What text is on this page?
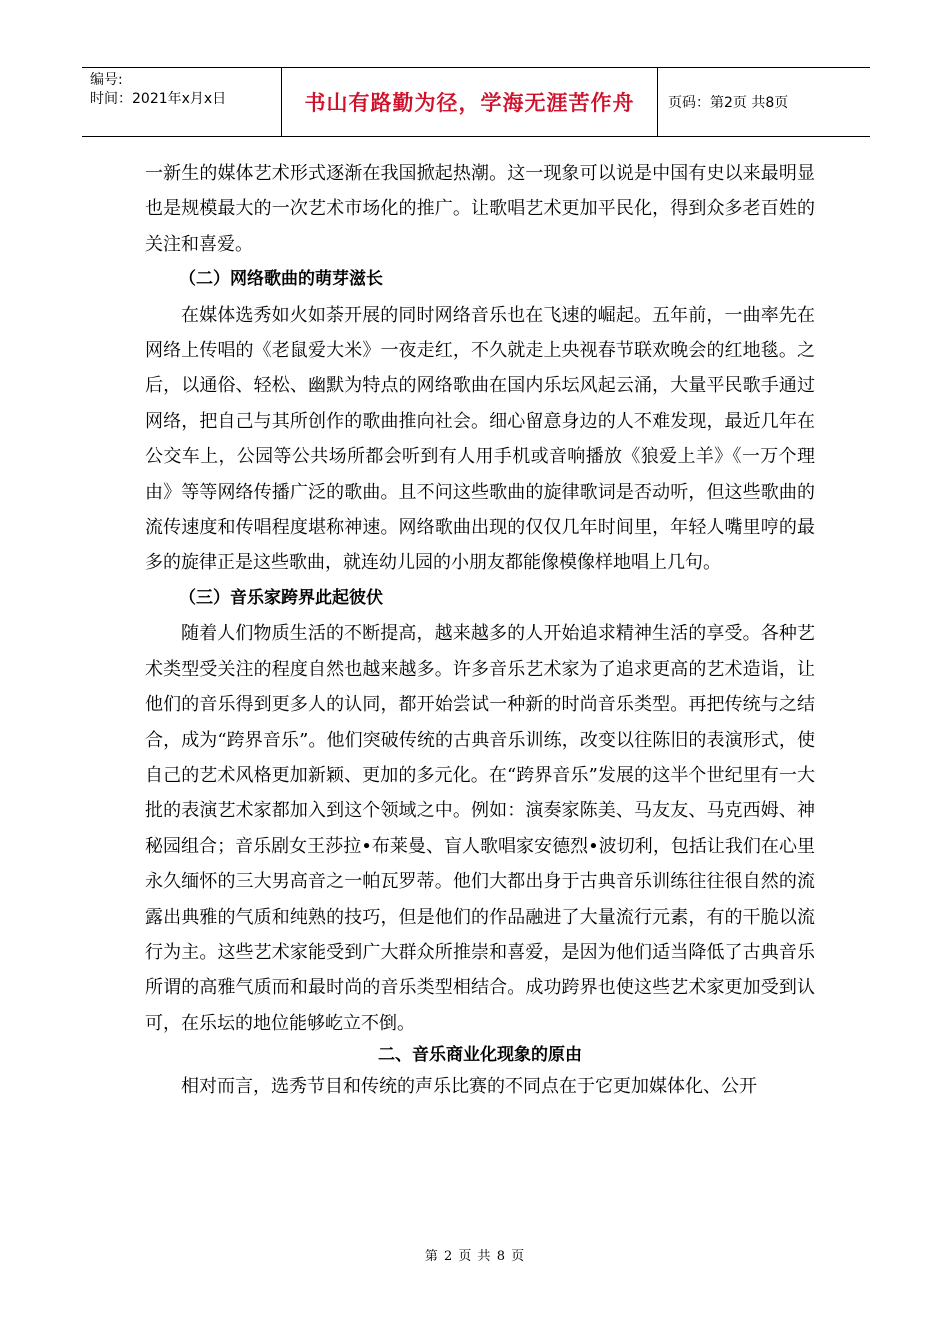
编号:
时间：2021年x月x日	书山有路勤为径，学海无涯苦作舟	页码：第2页 共8页

一新生的媒体艺术形式逐渐在我国掀起热潮。这一现象可以说是中国有史以来最明显也是规模最大的一次艺术市场化的推广。让歌唱艺术更加平民化，得到众多老百姓的关注和喜爱。

（二）网络歌曲的萌芽滋长

在媒体选秀如火如荼开展的同时网络音乐也在飞速的崛起。五年前，一曲率先在网络上传唱的《老鼠爱大米》一夜走红，不久就走上央视春节联欢晚会的红地毯。之后，以通俗、轻松、幽默为特点的网络歌曲在国内乐坛风起云涌，大量平民歌手通过网络，把自己与其所创作的歌曲推向社会。细心留意身边的人不难发现，最近几年在公交车上，公园等公共场所都会听到有人用手机或音响播放《狼爱上羊》《一万个理由》等等网络传播广泛的歌曲。且不问这些歌曲的旋律歌词是否动听，但这些歌曲的流传速度和传唱程度堪称神速。网络歌曲出现的仅仅几年时间里，年轻人嘴里哼的最多的旋律正是这些歌曲，就连幼儿园的小朋友都能像模像样地唱上几句。

（三）音乐家跨界此起彼伏

随着人们物质生活的不断提高，越来越多的人开始追求精神生活的享受。各种艺术类型受关注的程度自然也越来越多。许多音乐艺术家为了追求更高的艺术造诣，让他们的音乐得到更多人的认同，都开始尝试一种新的时尚音乐类型。再把传统与之结合，成为“跨界音乐”。他们突破传统的古典音乐训练，改变以往陈旧的表演形式，使自己的艺术风格更加新颖、更加的多元化。在“跨界音乐”发展的这半个世纪里有一大批的表演艺术家都加入到这个领域之中。例如：演奏家陈美、马友友、马克西姆、神秘园组合；音乐剧女王莎拉•布莱曼、盲人歌唱家安德烈•波切利，包括让我们在心里永久缅怀的三大男高音之一帕瓦罗蒂。他们大都出身于古典音乐训练往往很自然的流露出典雅的气质和纯熟的技巧，但是他们的作品融进了大量流行元素，有的干脆以流行为主。这些艺术家能受到广大群众所推崇和喜爱，是因为他们适当降低了古典音乐所谓的高雅气质而和最时尚的音乐类型相结合。成功跨界也使这些艺术家更加受到认可，在乐坛的地位能够屹立不倒。

二、音乐商业化现象的原由

相对而言，选秀节目和传统的声乐比赛的不同点在于它更加媒体化、公开

第 2 页 共 8 页
